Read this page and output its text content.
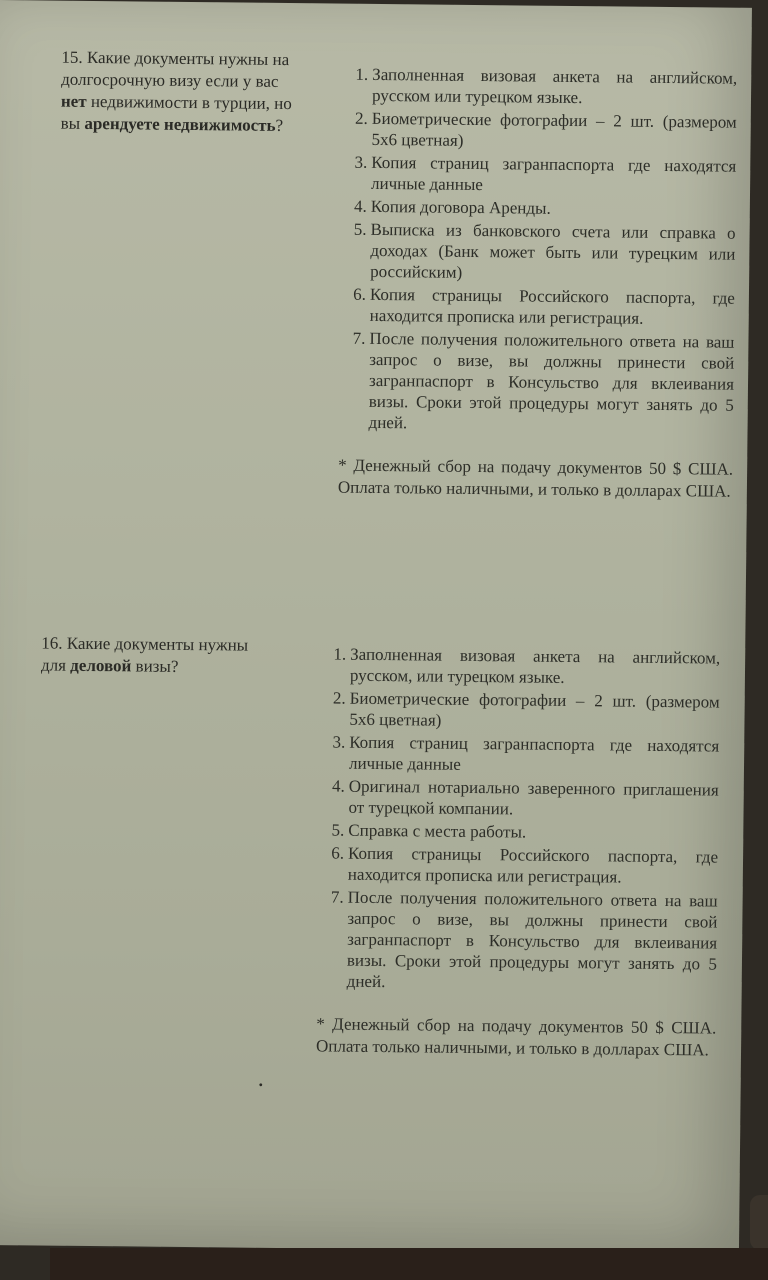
15. Какие документы нужны на долгосрочную визу если у вас нет недвижимости в турции, но вы арендуете недвижимость?
1. Заполненная визовая анкета на английском, русском или турецком языке.
2. Биометрические фотографии – 2 шт. (размером 5x6 цветная)
3. Копия страниц загранпаспорта где находятся личные данные
4. Копия договора Аренды.
5. Выписка из банковского счета или справка о доходах (Банк может быть или турецким или российским)
6. Копия страницы Российского паспорта, где находится прописка или регистрация.
7. После получения положительного ответа на ваш запрос о визе, вы должны принести свой загранпаспорт в Консульство для вклеивания визы. Сроки этой процедуры могут занять до 5 дней.
* Денежный сбор на подачу документов 50 $ США. Оплата только наличными, и только в долларах США.
16. Какие документы нужны для деловой визы?
1. Заполненная визовая анкета на английском, русском, или турецком языке.
2. Биометрические фотографии – 2 шт. (размером 5x6 цветная)
3. Копия страниц загранпаспорта где находятся личные данные
4. Оригинал нотариально заверенного приглашения от турецкой компании.
5. Справка с места работы.
6. Копия страницы Российского паспорта, где находится прописка или регистрация.
7. После получения положительного ответа на ваш запрос о визе, вы должны принести свой загранпаспорт в Консульство для вклеивания визы. Сроки этой процедуры могут занять до 5 дней.
* Денежный сбор на подачу документов 50 $ США. Оплата только наличными, и только в долларах США.
•
